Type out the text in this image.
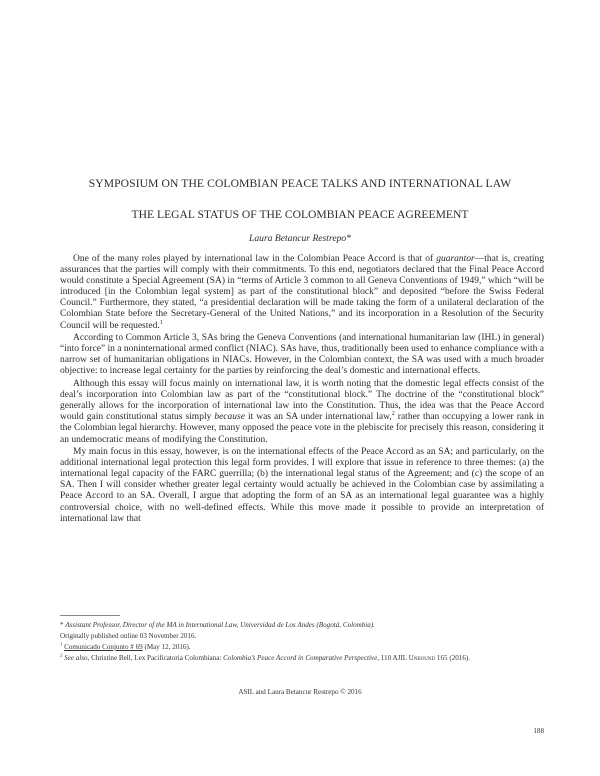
SYMPOSIUM ON THE COLOMBIAN PEACE TALKS AND INTERNATIONAL LAW
THE LEGAL STATUS OF THE COLOMBIAN PEACE AGREEMENT
Laura Betancur Restrepo*

One of the many roles played by international law in the Colombian Peace Accord is that of guarantor—that is, creating assurances that the parties will comply with their commitments. To this end, negotiators declared that the Final Peace Accord would constitute a Special Agreement (SA) in “terms of Article 3 common to all Geneva Conventions of 1949,” which “will be introduced [in the Colombian legal system] as part of the constitutional block” and deposited “before the Swiss Federal Council.” Furthermore, they stated, “a presidential declaration will be made taking the form of a unilateral declaration of the Colombian State before the Secretary-General of the United Nations,” and its incorporation in a Resolution of the Security Council will be requested.$^1$

According to Common Article 3, SAs bring the Geneva Conventions (and international humanitarian law (IHL) in general) “into force” in a noninternational armed conflict (NIAC). SAs have, thus, traditionally been used to enhance compliance with a narrow set of humanitarian obligations in NIACs. However, in the Colombian context, the SA was used with a much broader objective: to increase legal certainty for the parties by reinforcing the deal’s domestic and international effects.

Although this essay will focus mainly on international law, it is worth noting that the domestic legal effects consist of the deal’s incorporation into Colombian law as part of the “constitutional block.” The doctrine of the “constitutional block” generally allows for the incorporation of international law into the Constitution. Thus, the idea was that the Peace Accord would gain constitutional status simply because it was an SA under international law,$^2$ rather than occupying a lower rank in the Colombian legal hierarchy. However, many opposed the peace vote in the plebiscite for precisely this reason, considering it an undemocratic means of modifying the Constitution.

My main focus in this essay, however, is on the international effects of the Peace Accord as an SA; and particularly, on the additional international legal protection this legal form provides. I will explore that issue in reference to three themes: (a) the international legal capacity of the FARC guerrilla; (b) the international legal status of the Agreement; and (c) the scope of an SA. Then I will consider whether greater legal certainty would actually be achieved in the Colombian case by assimilating a Peace Accord to an SA. Overall, I argue that adopting the form of an SA as an international legal guarantee was a highly controversial choice, with no well-defined effects. While this move made it possible to provide an interpretation of international law that

* Assistant Professor, Director of the MA in International Law, Universidad de Los Andes (Bogotá, Colombia).
Originally published online 03 November 2016.
$^1$ Comunicado Conjunto # 69 (May 12, 2016).
$^2$ See also, Christine Bell, Lex Pacificatoria Colombiana: Colombia’s Peace Accord in Comparative Perspective, 110 AJIL Unbound 165 (2016).
ASIL and Laura Betancur Restrepo © 2016
188
